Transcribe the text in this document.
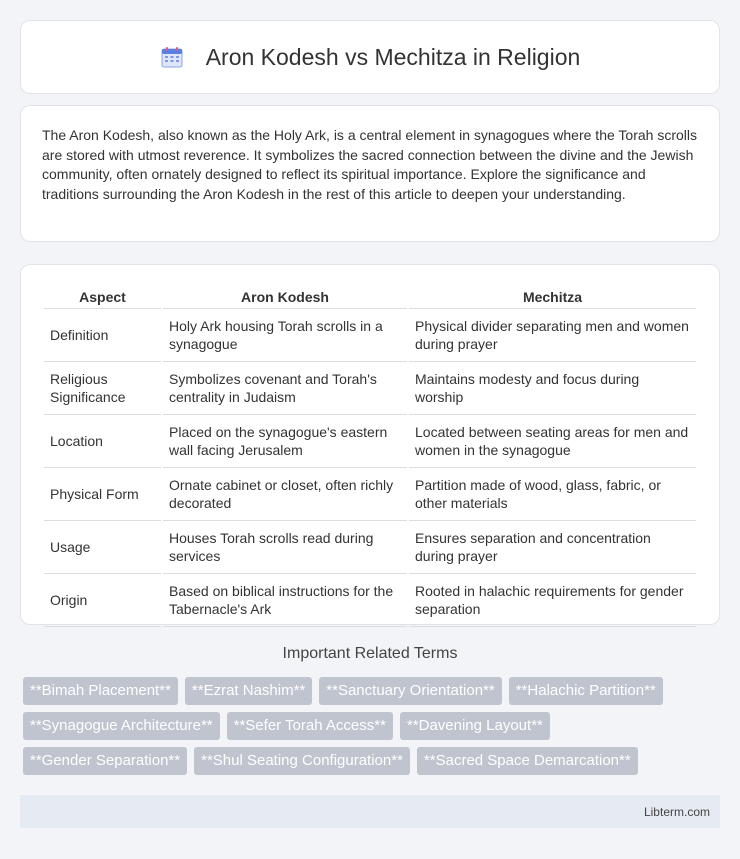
Aron Kodesh vs Mechitza in Religion

The Aron Kodesh, also known as the Holy Ark, is a central element in synagogues where the Torah scrolls are stored with utmost reverence. It symbolizes the sacred connection between the divine and the Jewish community, often ornately designed to reflect its spiritual importance. Explore the significance and traditions surrounding the Aron Kodesh in the rest of this article to deepen your understanding.

Aspect	Aron Kodesh	Mechitza
Definition	Holy Ark housing Torah scrolls in a synagogue	Physical divider separating men and women during prayer
Religious Significance	Symbolizes covenant and Torah's centrality in Judaism	Maintains modesty and focus during worship
Location	Placed on the synagogue's eastern wall facing Jerusalem	Located between seating areas for men and women in the synagogue
Physical Form	Ornate cabinet or closet, often richly decorated	Partition made of wood, glass, fabric, or other materials
Usage	Houses Torah scrolls read during services	Ensures separation and concentration during prayer
Origin	Based on biblical instructions for the Tabernacle's Ark	Rooted in halachic requirements for gender separation
Important Related Terms
**Bimah Placement**	**Ezrat Nashim**	**Sanctuary Orientation**	**Halachic Partition**
**Synagogue Architecture**	**Sefer Torah Access**	**Davening Layout**
**Gender Separation**	**Shul Seating Configuration**	**Sacred Space Demarcation**
Libterm.com
